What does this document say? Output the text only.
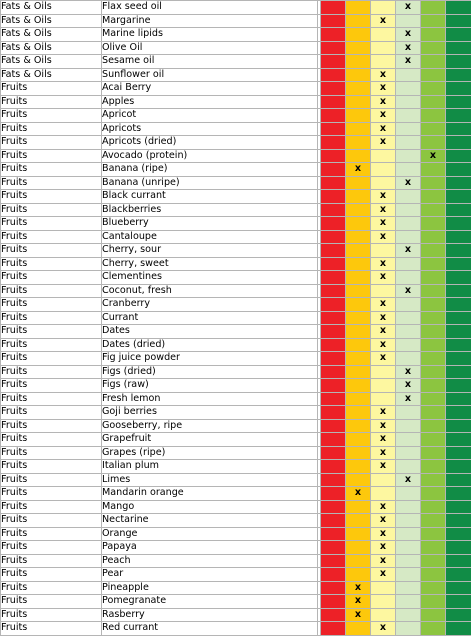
Fats & Oils	Flax seed oil					x		
Fats & Oils	Margarine				x			
Fats & Oils	Marine lipids					x		
Fats & Oils	Olive Oil					x		
Fats & Oils	Sesame oil					x		
Fats & Oils	Sunflower oil				x			
Fruits	Acai Berry				x			
Fruits	Apples				x			
Fruits	Apricot				x			
Fruits	Apricots				x			
Fruits	Apricots (dried)				x			
Fruits	Avocado (protein)						x	
Fruits	Banana (ripe)			x				
Fruits	Banana (unripe)					x		
Fruits	Black currant				x			
Fruits	Blackberries				x			
Fruits	Blueberry				x			
Fruits	Cantaloupe				x			
Fruits	Cherry, sour					x		
Fruits	Cherry, sweet				x			
Fruits	Clementines				x			
Fruits	Coconut, fresh					x		
Fruits	Cranberry				x			
Fruits	Currant				x			
Fruits	Dates				x			
Fruits	Dates (dried)				x			
Fruits	Fig juice powder				x			
Fruits	Figs (dried)					x		
Fruits	Figs (raw)					x		
Fruits	Fresh lemon					x		
Fruits	Goji berries				x			
Fruits	Gooseberry, ripe				x			
Fruits	Grapefruit				x			
Fruits	Grapes (ripe)				x			
Fruits	Italian plum				x			
Fruits	Limes					x		
Fruits	Mandarin orange			x				
Fruits	Mango				x			
Fruits	Nectarine				x			
Fruits	Orange				x			
Fruits	Papaya				x			
Fruits	Peach				x			
Fruits	Pear				x			
Fruits	Pineapple			x				
Fruits	Pomegranate			x				
Fruits	Rasberry			x				
Fruits	Red currant				x			
